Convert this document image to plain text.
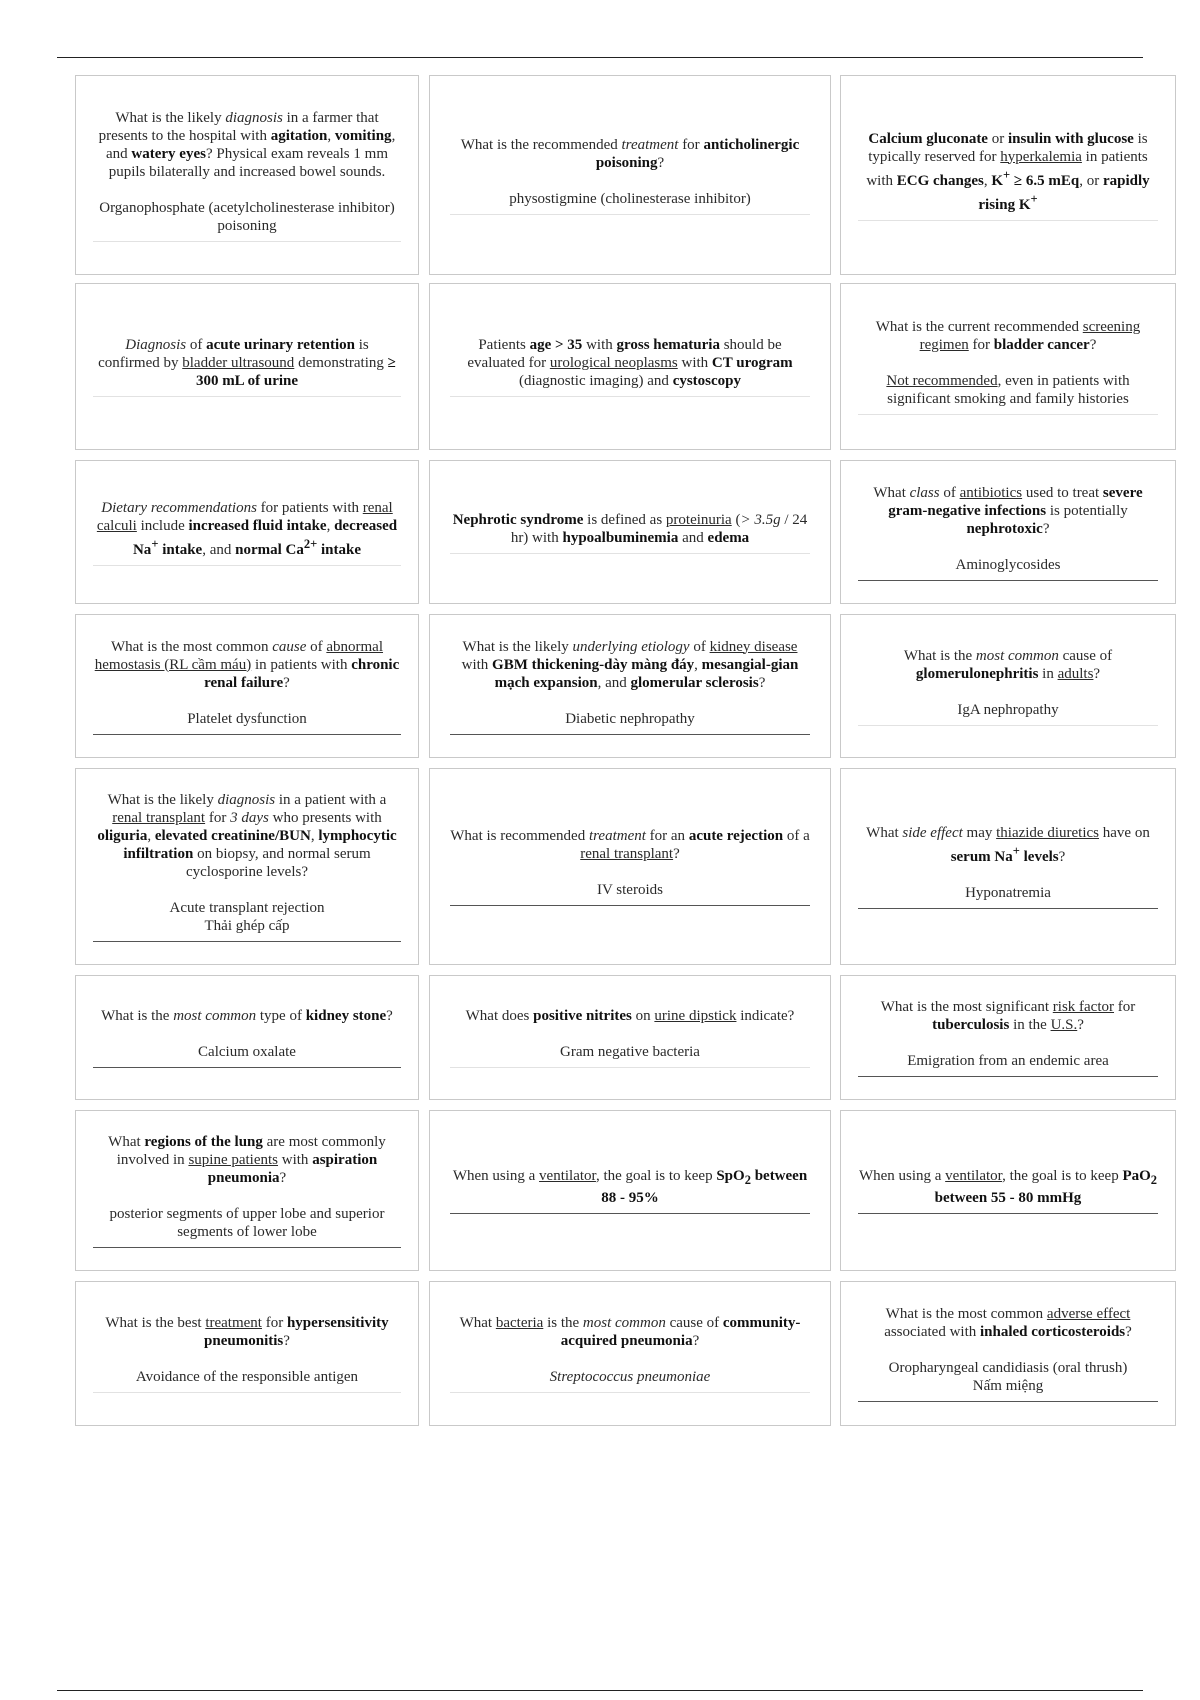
What is the likely diagnosis in a farmer that presents to the hospital with agitation, vomiting, and watery eyes? Physical exam reveals 1 mm pupils bilaterally and increased bowel sounds.

Organophosphate (acetylcholinesterase inhibitor) poisoning

What is the recommended treatment for anticholinergic poisoning?

physostigmine (cholinesterase inhibitor)

Calcium gluconate or insulin with glucose is typically reserved for hyperkalemia in patients with ECG changes, K+ ≥ 6.5 mEq, or rapidly rising K+

Diagnosis of acute urinary retention is confirmed by bladder ultrasound demonstrating ≥ 300 mL of urine

Patients age > 35 with gross hematuria should be evaluated for urological neoplasms with CT urogram (diagnostic imaging) and cystoscopy

What is the current recommended screening regimen for bladder cancer?

Not recommended, even in patients with significant smoking and family histories

Dietary recommendations for patients with renal calculi include increased fluid intake, decreased Na+ intake, and normal $Ca^{2+}$ intake

Nephrotic syndrome is defined as proteinuria (> 3.5g / 24 hr) with hypoalbuminemia and edema

What class of antibiotics used to treat severe gram-negative infections is potentially nephrotoxic?

Aminoglycosides

What is the most common cause of abnormal hemostasis (RL cầm máu) in patients with chronic renal failure?

Platelet dysfunction

What is the likely underlying etiology of kidney disease with GBM thickening-dày màng đáy, mesangial-gian mạch expansion, and glomerular sclerosis?

Diabetic nephropathy

What is the most common cause of glomerulonephritis in adults?

IgA nephropathy

What is the likely diagnosis in a patient with a renal transplant for 3 days who presents with oliguria, elevated creatinine/BUN, lymphocytic infiltration on biopsy, and normal serum cyclosporine levels?

Acute transplant rejection

Thải ghép cấp

What is recommended treatment for an acute rejection of a renal transplant?

IV steroids

What side effect may thiazide diuretics have on serum Na+ levels?

Hyponatremia

What is the most common type of kidney stone?

Calcium oxalate

What does positive nitrites on urine dipstick indicate?

Gram negative bacteria

What is the most significant risk factor for tuberculosis in the U.S.?

Emigration from an endemic area

What regions of the lung are most commonly involved in supine patients with aspiration pneumonia?

posterior segments of upper lobe and superior segments of lower lobe

When using a ventilator, the goal is to keep SpO$_2$ between 88 - 95%

When using a ventilator, the goal is to keep PaO$_2$ between 55 - 80 mmHg

What is the best treatment for hypersensitivity pneumonitis?

Avoidance of the responsible antigen

What bacteria is the most common cause of community-acquired pneumonia?

Streptococcus pneumoniae

What is the most common adverse effect associated with inhaled corticosteroids?

Oropharyngeal candidiasis (oral thrush)

Nấm miệng
